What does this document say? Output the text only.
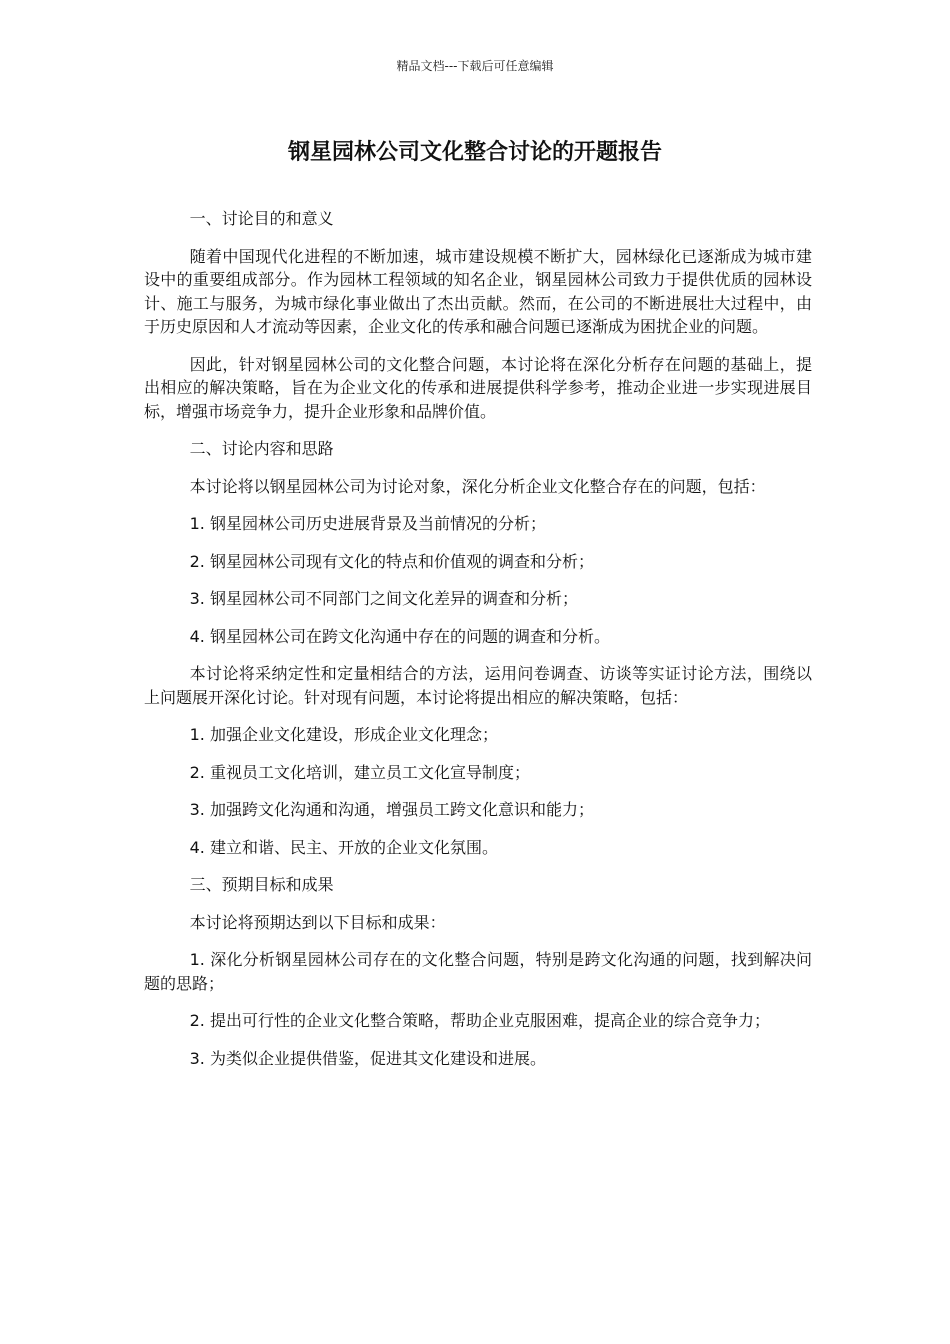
精品文档---下载后可任意编辑
钢星园林公司文化整合讨论的开题报告

一、讨论目的和意义

随着中国现代化进程的不断加速，城市建设规模不断扩大，园林绿化已逐渐成为城市建设中的重要组成部分。作为园林工程领域的知名企业，钢星园林公司致力于提供优质的园林设计、施工与服务，为城市绿化事业做出了杰出贡献。然而，在公司的不断进展壮大过程中，由于历史原因和人才流动等因素，企业文化的传承和融合问题已逐渐成为困扰企业的问题。

因此，针对钢星园林公司的文化整合问题，本讨论将在深化分析存在问题的基础上，提出相应的解决策略，旨在为企业文化的传承和进展提供科学参考，推动企业进一步实现进展目标，增强市场竞争力，提升企业形象和品牌价值。

二、讨论内容和思路

本讨论将以钢星园林公司为讨论对象，深化分析企业文化整合存在的问题，包括：

1. 钢星园林公司历史进展背景及当前情况的分析；

2. 钢星园林公司现有文化的特点和价值观的调查和分析；

3. 钢星园林公司不同部门之间文化差异的调查和分析；

4. 钢星园林公司在跨文化沟通中存在的问题的调查和分析。

本讨论将采纳定性和定量相结合的方法，运用问卷调查、访谈等实证讨论方法，围绕以上问题展开深化讨论。针对现有问题，本讨论将提出相应的解决策略，包括：

1. 加强企业文化建设，形成企业文化理念；

2. 重视员工文化培训，建立员工文化宣导制度；

3. 加强跨文化沟通和沟通，增强员工跨文化意识和能力；

4. 建立和谐、民主、开放的企业文化氛围。

三、预期目标和成果

本讨论将预期达到以下目标和成果：

1. 深化分析钢星园林公司存在的文化整合问题，特别是跨文化沟通的问题，找到解决问题的思路；

2. 提出可行性的企业文化整合策略，帮助企业克服困难，提高企业的综合竞争力；

3. 为类似企业提供借鉴，促进其文化建设和进展。
